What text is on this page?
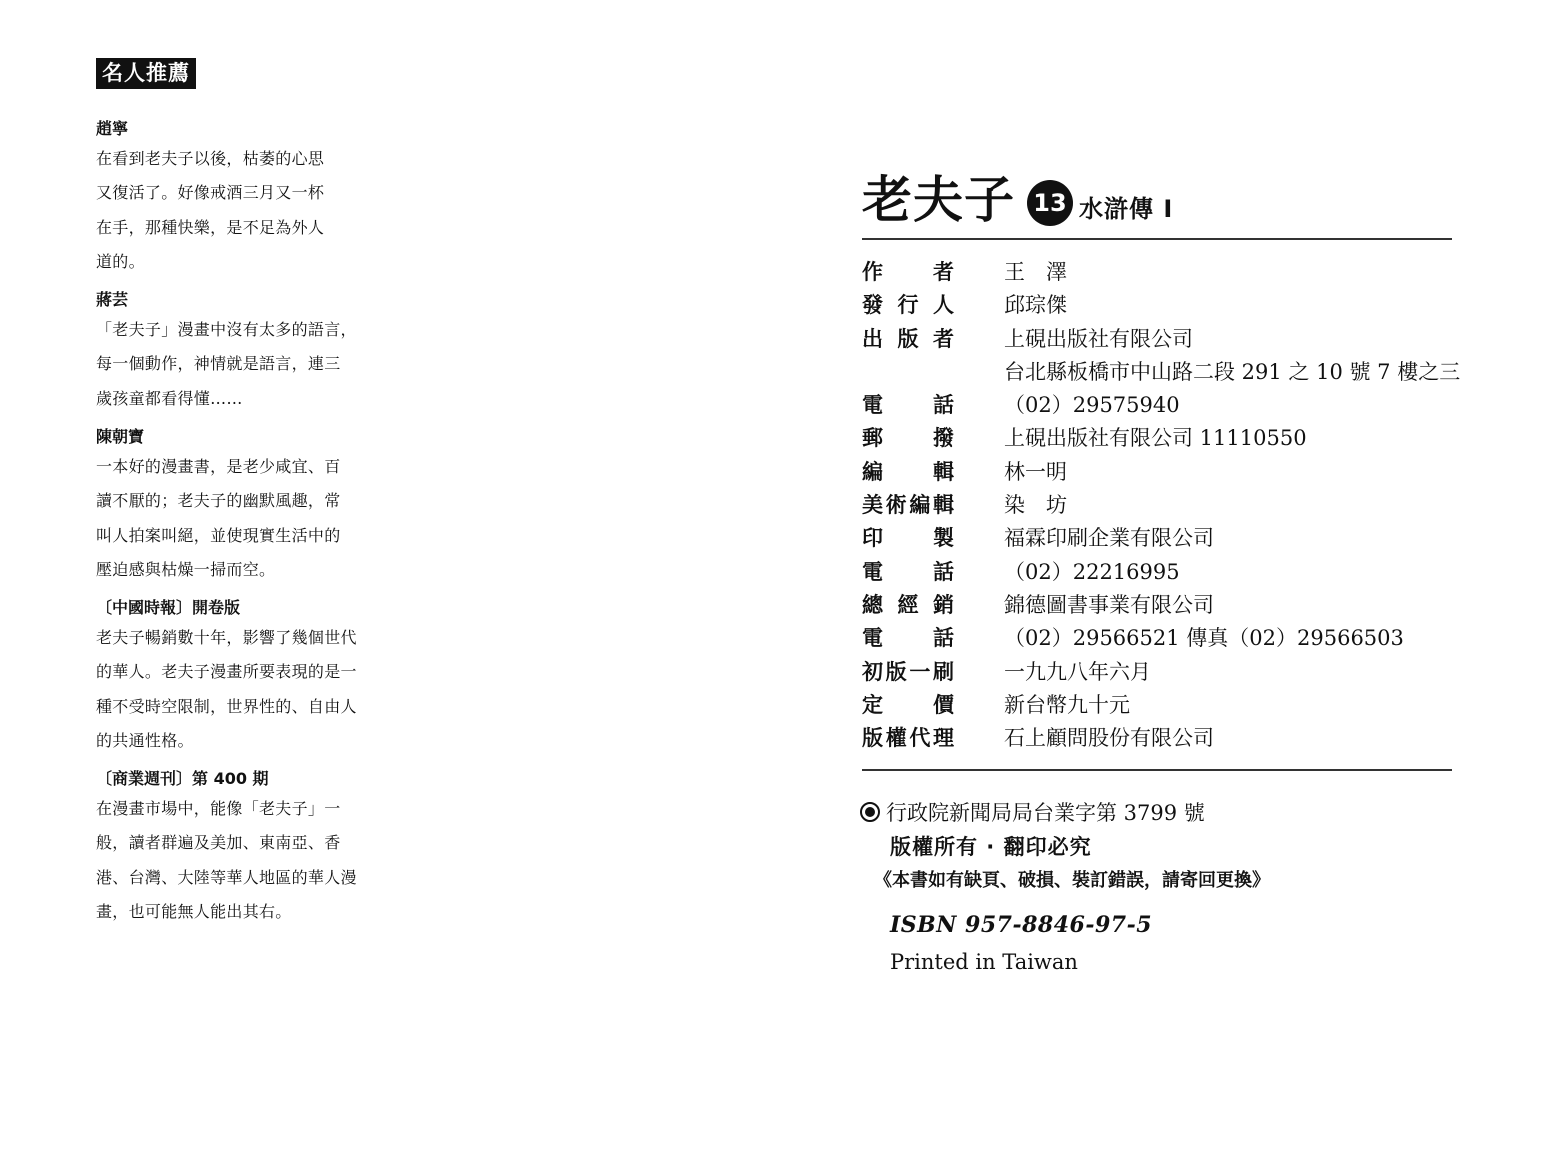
名人推薦
趙寧
在看到老夫子以後，枯萎的心思
又復活了。好像戒酒三月又一杯
在手，那種快樂，是不足為外人
道的。
蔣芸
「老夫子」漫畫中沒有太多的語言，
每一個動作，神情就是語言，連三
歲孩童都看得懂……
陳朝寶
一本好的漫畫書，是老少咸宜、百
讀不厭的；老夫子的幽默風趣，常
叫人拍案叫絕，並使現實生活中的
壓迫感與枯燥一掃而空。
〔中國時報〕開卷版
老夫子暢銷數十年，影響了幾個世代
的華人。老夫子漫畫所要表現的是一
種不受時空限制，世界性的、自由人
的共通性格。
〔商業週刊〕第 400 期
在漫畫市場中，能像「老夫子」一
般，讀者群遍及美加、東南亞、香
港、台灣、大陸等華人地區的華人漫
畫，也可能無人能出其右。
老夫子 13 水滸傳 I
作者 王　澤
發行人 邱琮傑
出版者 上硯出版社有限公司
台北縣板橋市中山路二段 291 之 10 號 7 樓之三
電話 （02）29575940
郵撥 上硯出版社有限公司 11110550
編輯 林一明
美術編輯 染　坊
印製 福霖印刷企業有限公司
電話 （02）22216995
總經銷 錦德圖書事業有限公司
電話 （02）29566521 傳真（02）29566503
初版一刷 一九九八年六月
定價 新台幣九十元
版權代理 石上顧問股份有限公司
行政院新聞局局台業字第 3799 號
版權所有 · 翻印必究
《本書如有缺頁、破損、裝訂錯誤，請寄回更換》
ISBN 957-8846-97-5
Printed in Taiwan
